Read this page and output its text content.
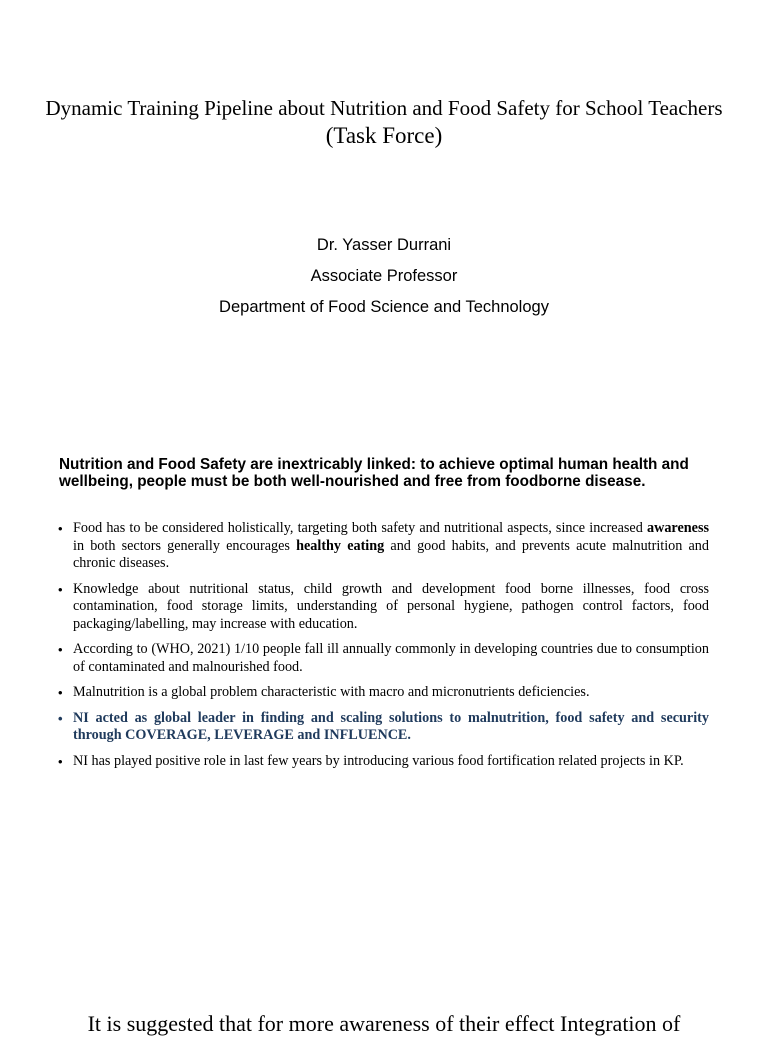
Dynamic Training Pipeline about Nutrition and Food Safety for School Teachers
(Task Force)
Dr. Yasser Durrani
Associate Professor
Department of Food Science and Technology
Nutrition and Food Safety are inextricably linked: to achieve optimal human health and wellbeing, people must be both well-nourished and free from foodborne disease.
• Food has to be considered holistically, targeting both safety and nutritional aspects, since increased awareness in both sectors generally encourages healthy eating and good habits, and prevents acute malnutrition and chronic diseases.
• Knowledge about nutritional status, child growth and development food borne illnesses, food cross contamination, food storage limits, understanding of personal hygiene, pathogen control factors, food packaging/labelling, may increase with education.
• According to (WHO, 2021) 1/10 people fall ill annually commonly in developing countries due to consumption of contaminated and malnourished food.
• Malnutrition is a global problem characteristic with macro and micronutrients deficiencies.
• NI acted as global leader in finding and scaling solutions to malnutrition, food safety and security through COVERAGE, LEVERAGE and INFLUENCE.
• NI has played positive role in last few years by introducing various food fortification related projects in KP.
It is suggested that for more awareness of their effect Integration of
